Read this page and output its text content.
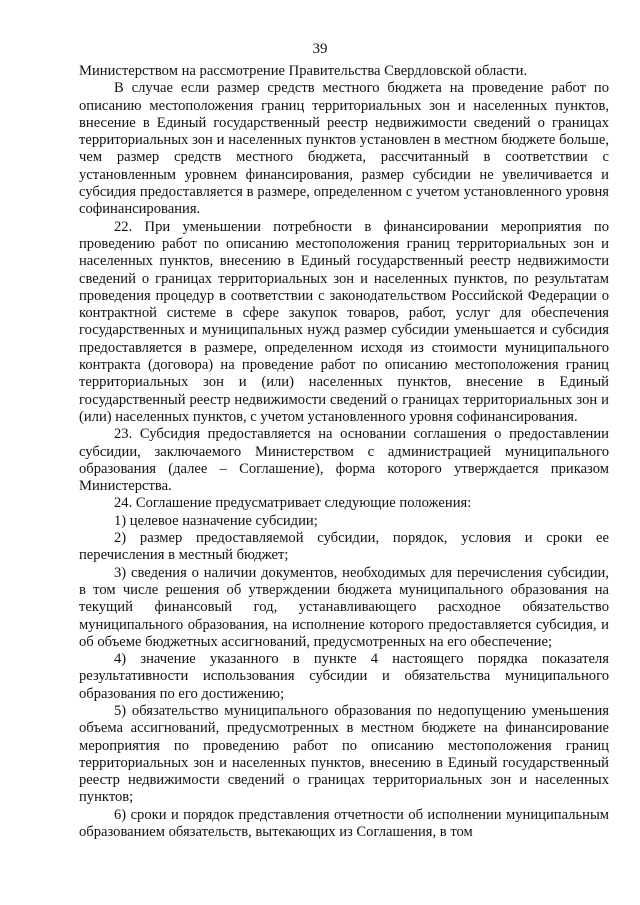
39

Министерством на рассмотрение Правительства Свердловской области.

В случае если размер средств местного бюджета на проведение работ по описанию местоположения границ территориальных зон и населенных пунктов, внесение в Единый государственный реестр недвижимости сведений о границах территориальных зон и населенных пунктов установлен в местном бюджете больше, чем размер средств местного бюджета, рассчитанный в соответствии с установленным уровнем финансирования, размер субсидии не увеличивается и субсидия предоставляется в размере, определенном с учетом установленного уровня софинансирования.

22. При уменьшении потребности в финансировании мероприятия по проведению работ по описанию местоположения границ территориальных зон и населенных пунктов, внесению в Единый государственный реестр недвижимости сведений о границах территориальных зон и населенных пунктов, по результатам проведения процедур в соответствии с законодательством Российской Федерации о контрактной системе в сфере закупок товаров, работ, услуг для обеспечения государственных и муниципальных нужд размер субсидии уменьшается и субсидия предоставляется в размере, определенном исходя из стоимости муниципального контракта (договора) на проведение работ по описанию местоположения границ территориальных зон и (или) населенных пунктов, внесение в Единый государственный реестр недвижимости сведений о границах территориальных зон и (или) населенных пунктов, с учетом установленного уровня софинансирования.

23. Субсидия предоставляется на основании соглашения о предоставлении субсидии, заключаемого Министерством с администрацией муниципального образования (далее – Соглашение), форма которого утверждается приказом Министерства.

24. Соглашение предусматривает следующие положения:

1) целевое назначение субсидии;

2) размер предоставляемой субсидии, порядок, условия и сроки ее перечисления в местный бюджет;

3) сведения о наличии документов, необходимых для перечисления субсидии, в том числе решения об утверждении бюджета муниципального образования на текущий финансовый год, устанавливающего расходное обязательство муниципального образования, на исполнение которого предоставляется субсидия, и об объеме бюджетных ассигнований, предусмотренных на его обеспечение;

4) значение указанного в пункте 4 настоящего порядка показателя результативности использования субсидии и обязательства муниципального образования по его достижению;

5) обязательство муниципального образования по недопущению уменьшения объема ассигнований, предусмотренных в местном бюджете на финансирование мероприятия по проведению работ по описанию местоположения границ территориальных зон и населенных пунктов, внесению в Единый государственный реестр недвижимости сведений о границах территориальных зон и населенных пунктов;

6) сроки и порядок представления отчетности об исполнении муниципальным образованием обязательств, вытекающих из Соглашения, в том
